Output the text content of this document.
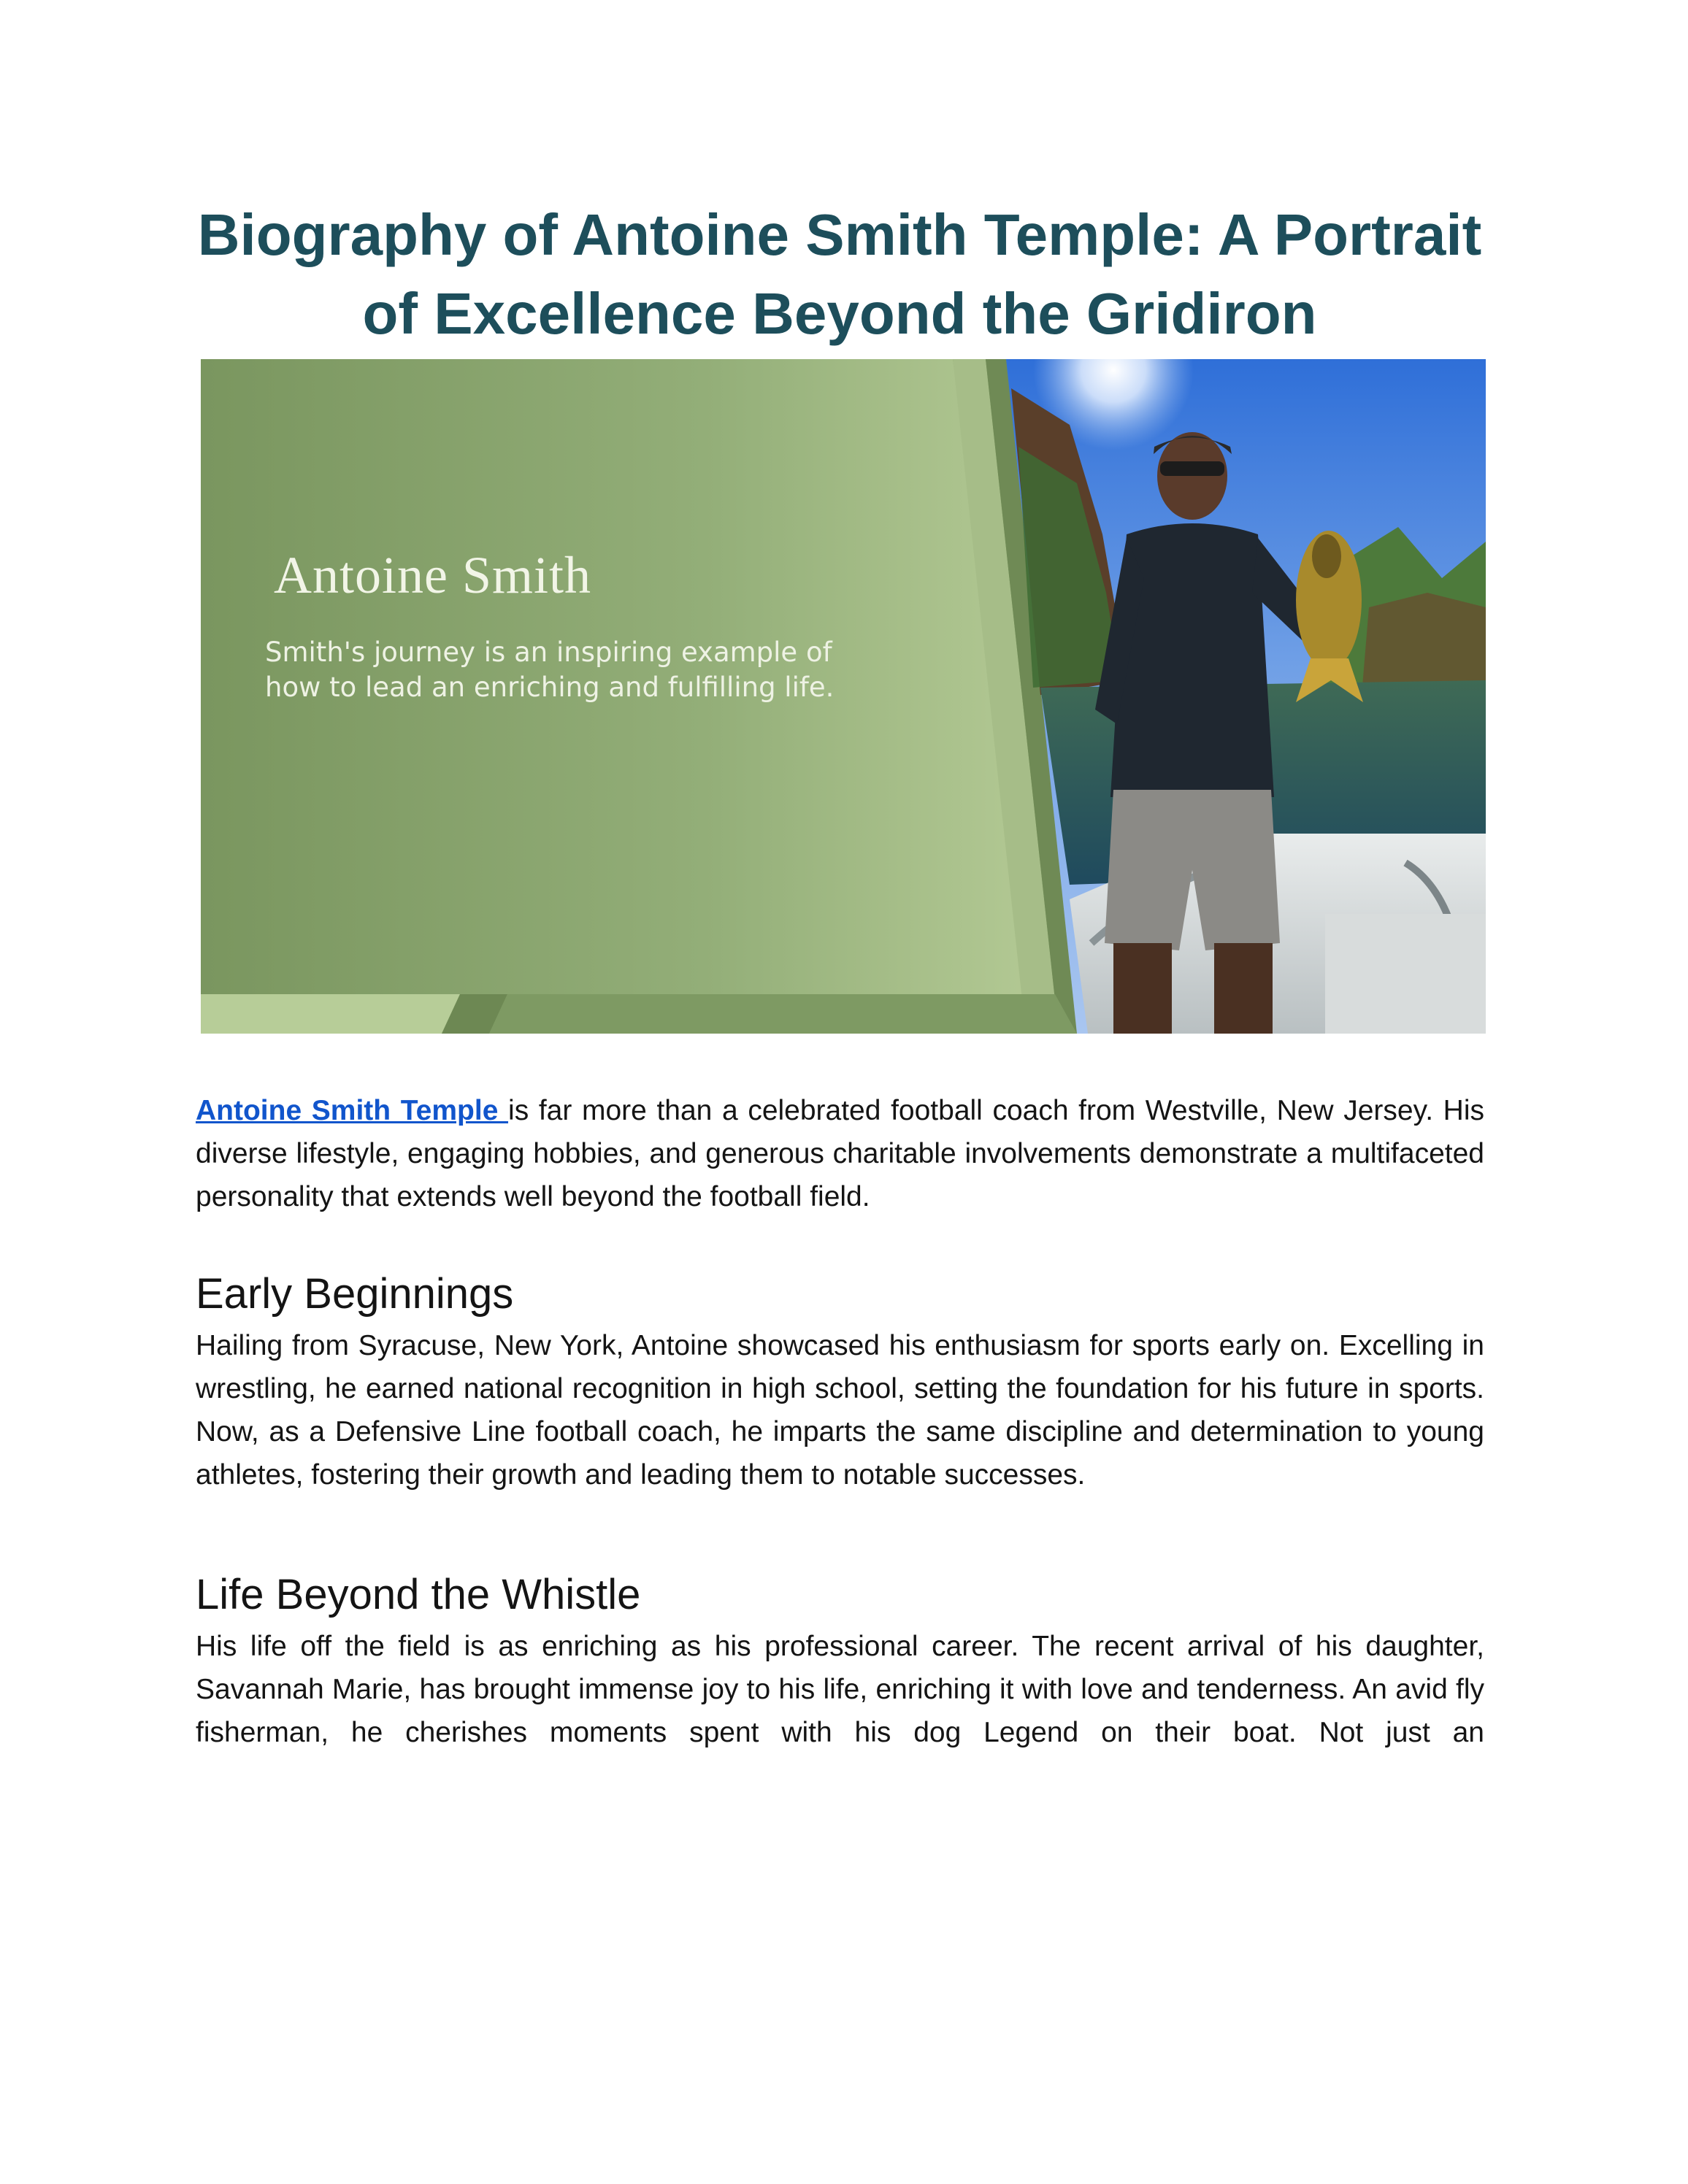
Biography of Antoine Smith Temple: A Portrait of Excellence Beyond the Gridiron
Antoine Smith

Smith's journey is an inspiring example of how to lead an enriching and fulfilling life.

Antoine Smith Temple is far more than a celebrated football coach from Westville, New Jersey. His diverse lifestyle, engaging hobbies, and generous charitable involvements demonstrate a multifaceted personality that extends well beyond the football field.

Early Beginnings

Hailing from Syracuse, New York, Antoine showcased his enthusiasm for sports early on. Excelling in wrestling, he earned national recognition in high school, setting the foundation for his future in sports. Now, as a Defensive Line football coach, he imparts the same discipline and determination to young athletes, fostering their growth and leading them to notable successes.

Life Beyond the Whistle

His life off the field is as enriching as his professional career. The recent arrival of his daughter, Savannah Marie, has brought immense joy to his life, enriching it with love and tenderness. An avid fly fisherman, he cherishes moments spent with his dog Legend on their boat. Not just an
